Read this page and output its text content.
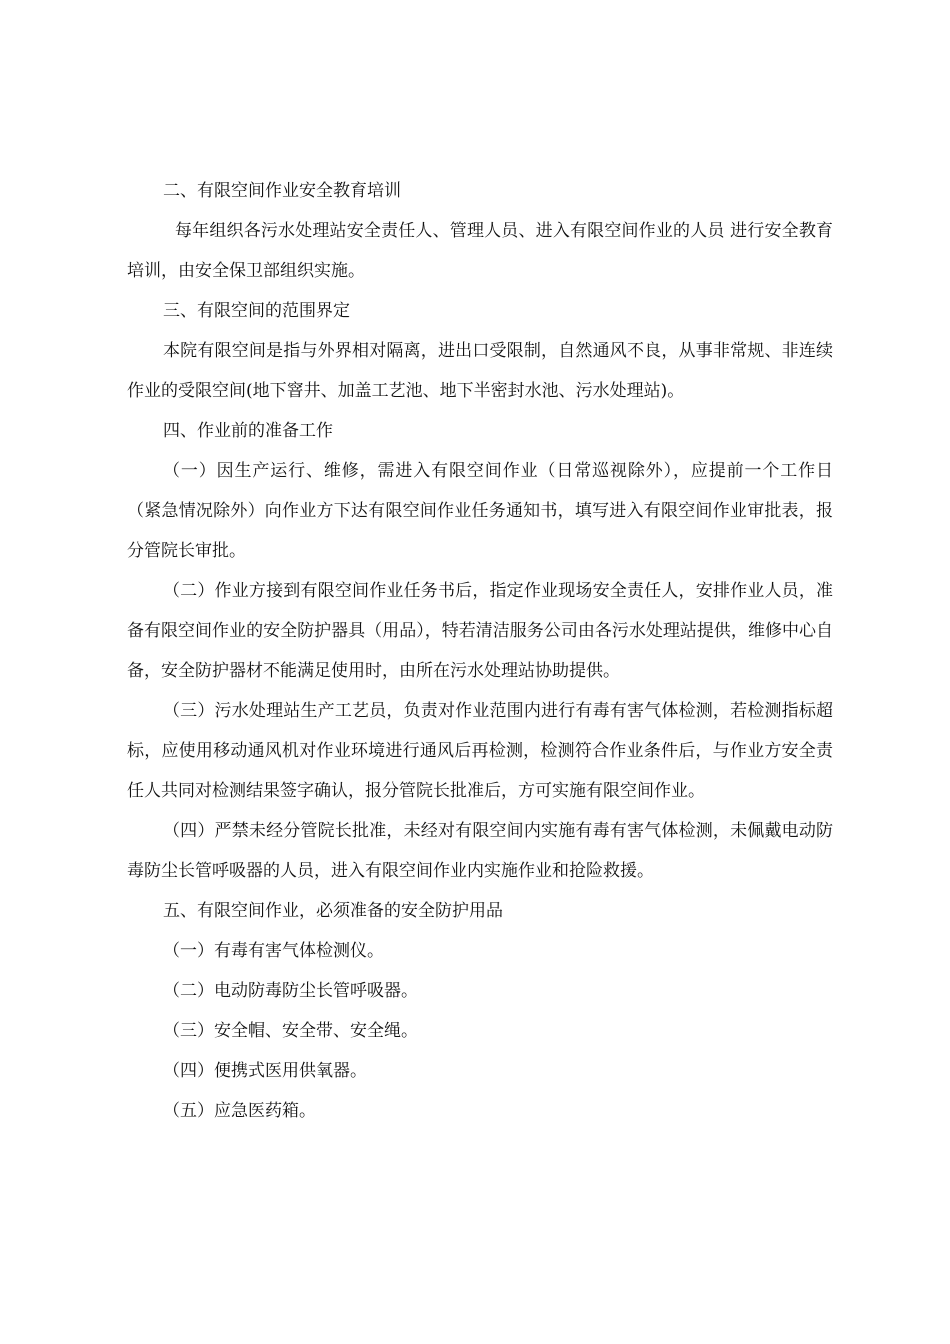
二、有限空间作业安全教育培训

每年组织各污水处理站安全责任人、管理人员、进入有限空间作业的人员 进行安全教育培训，由安全保卫部组织实施。

三、有限空间的范围界定

本院有限空间是指与外界相对隔离，进出口受限制，自然通风不良，从事非常规、非连续作业的受限空间(地下窨井、加盖工艺池、地下半密封水池、污水处理站)。

四、作业前的准备工作

（一）因生产运行、维修，需进入有限空间作业（日常巡视除外），应提前一个工作日（紧急情况除外）向作业方下达有限空间作业任务通知书，填写进入有限空间作业审批表，报分管院长审批。

（二）作业方接到有限空间作业任务书后，指定作业现场安全责任人，安排作业人员，准备有限空间作业的安全防护器具（用品），特若清洁服务公司由各污水处理站提供，维修中心自备，安全防护器材不能满足使用时，由所在污水处理站协助提供。

（三）污水处理站生产工艺员，负责对作业范围内进行有毒有害气体检测，若检测指标超标，应使用移动通风机对作业环境进行通风后再检测，检测符合作业条件后，与作业方安全责任人共同对检测结果签字确认，报分管院长批准后，方可实施有限空间作业。

（四）严禁未经分管院长批准，未经对有限空间内实施有毒有害气体检测，未佩戴电动防毒防尘长管呼吸器的人员，进入有限空间作业内实施作业和抢险救援。

五、有限空间作业，必须准备的安全防护用品

（一）有毒有害气体检测仪。

（二）电动防毒防尘长管呼吸器。

（三）安全帽、安全带、安全绳。

（四）便携式医用供氧器。

（五）应急医药箱。
